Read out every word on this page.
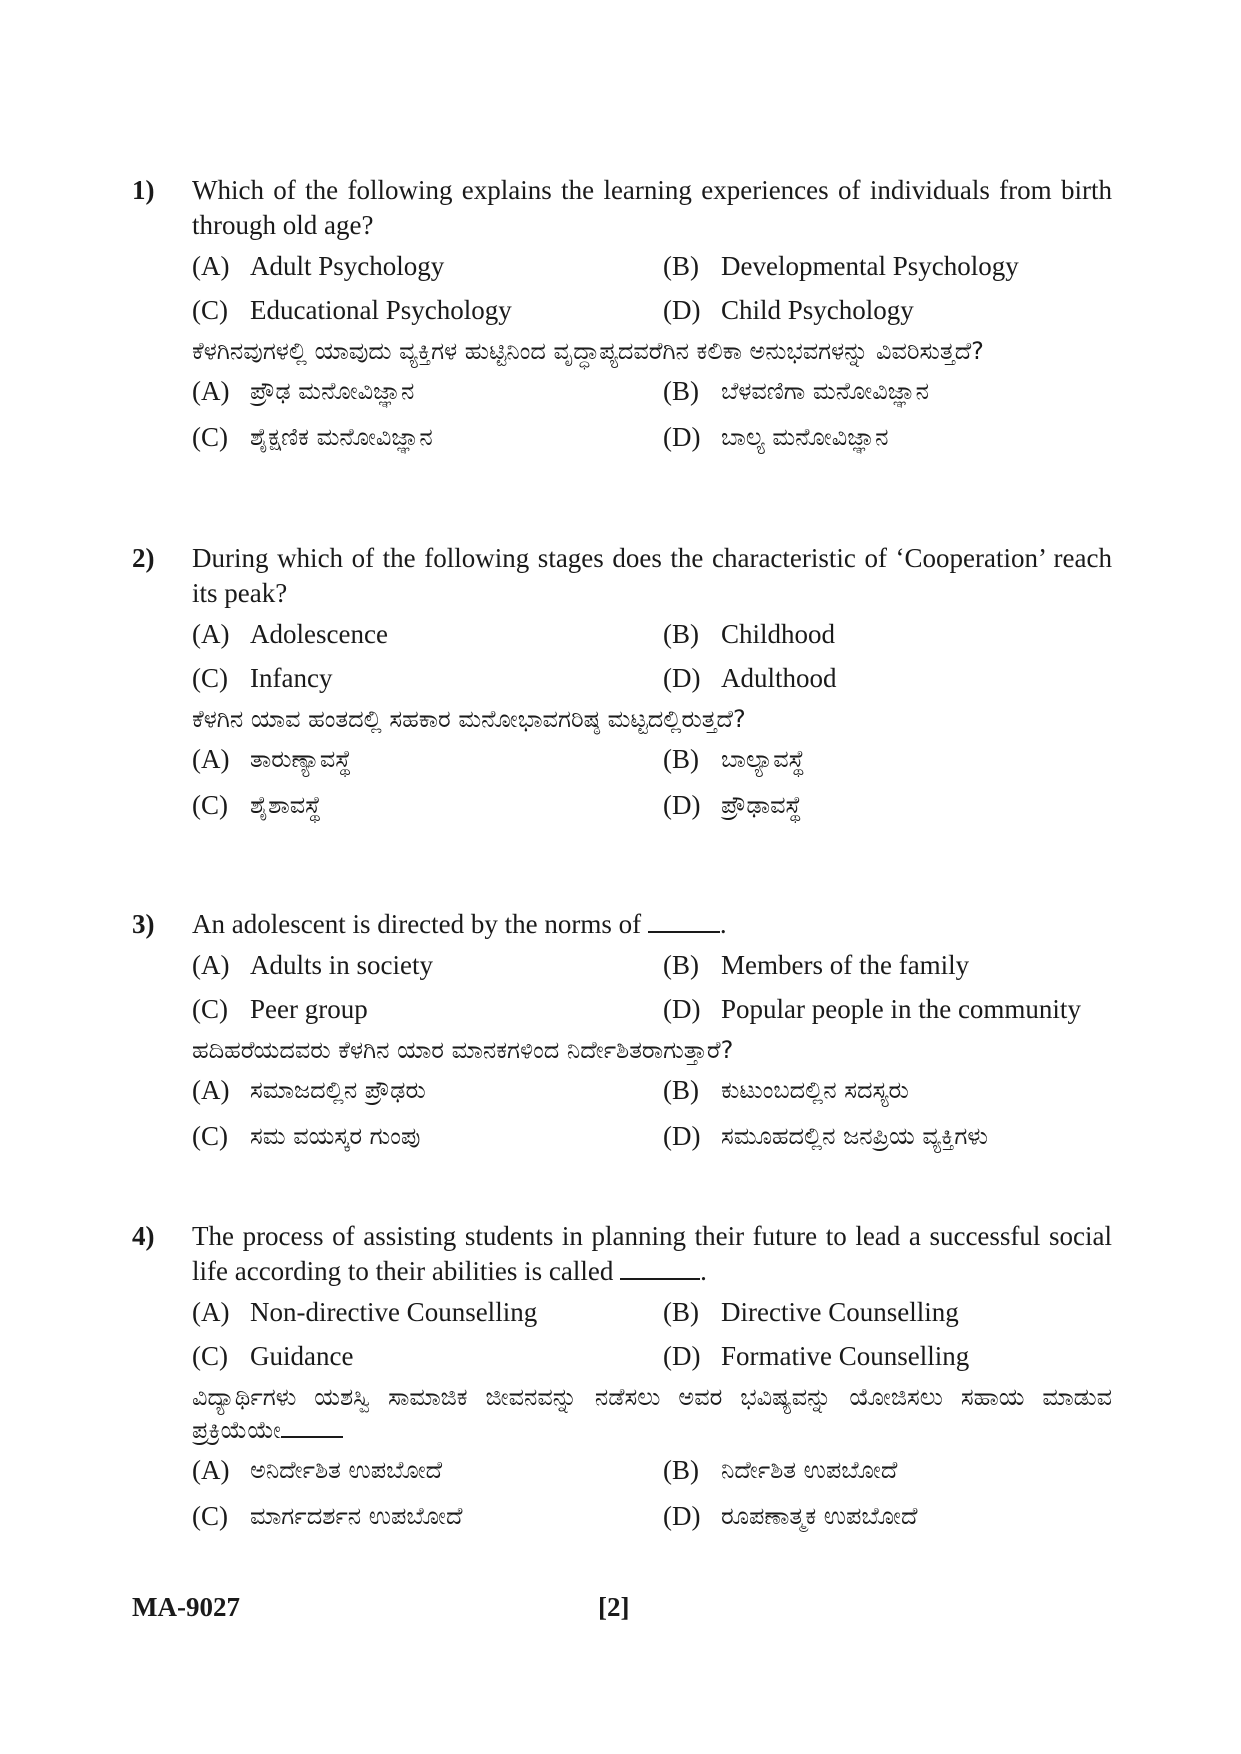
1) Which of the following explains the learning experiences of individuals from birth through old age?
(A) Adult Psychology	(B) Developmental Psychology
(C) Educational Psychology	(D) Child Psychology
ಕೆಳಗಿನವುಗಳಲ್ಲಿ ಯಾವುದು ವ್ಯಕ್ತಿಗಳ ಹುಟ್ಟಿನಿಂದ ವೃದ್ಧಾಪ್ಯದವರೆಗಿನ ಕಲಿಕಾ ಅನುಭವಗಳನ್ನು ವಿವರಿಸುತ್ತದೆ?
(A) ಪ್ರೌಢ ಮನೋವಿಜ್ಞಾನ	(B) ಬೆಳವಣಿಗಾ ಮನೋವಿಜ್ಞಾನ
(C) ಶೈಕ್ಷಣಿಕ ಮನೋವಿಜ್ಞಾನ	(D) ಬಾಲ್ಯ ಮನೋವಿಜ್ಞಾನ
2) During which of the following stages does the characteristic of ‘Cooperation’ reach its peak?
(A) Adolescence	(B) Childhood
(C) Infancy	(D) Adulthood
ಕೆಳಗಿನ ಯಾವ ಹಂತದಲ್ಲಿ ಸಹಕಾರ ಮನೋಭಾವಗರಿಷ್ಠ ಮಟ್ಟದಲ್ಲಿರುತ್ತದೆ?
(A) ತಾರುಣ್ಯಾವಸ್ಥೆ	(B) ಬಾಲ್ಯಾವಸ್ಥೆ
(C) ಶೈಶಾವಸ್ಥೆ	(D) ಪ್ರೌಢಾವಸ್ಥೆ
3) An adolescent is directed by the norms of	.
(A) Adults in society	(B) Members of the family
(C) Peer group	(D) Popular people in the community
ಹದಿಹರೆಯದವರು ಕೆಳಗಿನ ಯಾರ ಮಾನಕಗಳಿಂದ ನಿರ್ದೇಶಿತರಾಗುತ್ತಾರೆ?
(A) ಸಮಾಜದಲ್ಲಿನ ಪ್ರೌಢರು	(B) ಕುಟುಂಬದಲ್ಲಿನ ಸದಸ್ಯರು
(C) ಸಮ ವಯಸ್ಕರ ಗುಂಪು	(D) ಸಮೂಹದಲ್ಲಿನ ಜನಪ್ರಿಯ ವ್ಯಕ್ತಿಗಳು
4) The process of assisting students in planning their future to lead a successful social life according to their abilities is called	.
(A) Non-directive Counselling	(B) Directive Counselling
(C) Guidance	(D) Formative Counselling
ವಿದ್ಯಾರ್ಥಿಗಳು ಯಶಸ್ವಿ ಸಾಮಾಜಿಕ ಜೀವನವನ್ನು ನಡೆಸಲು ಅವರ ಭವಿಷ್ಯವನ್ನು ಯೋಜಿಸಲು ಸಹಾಯ ಮಾಡುವ ಪ್ರಕ್ರಿಯೆಯೇ
(A) ಅನಿರ್ದೇಶಿತ ಉಪಬೋದೆ	(B) ನಿರ್ದೇಶಿತ ಉಪಬೋದೆ
(C) ಮಾರ್ಗದರ್ಶನ ಉಪಬೋದೆ	(D) ರೂಪಣಾತ್ಮಕ ಉಪಬೋದೆ
MA-9027	[2]
